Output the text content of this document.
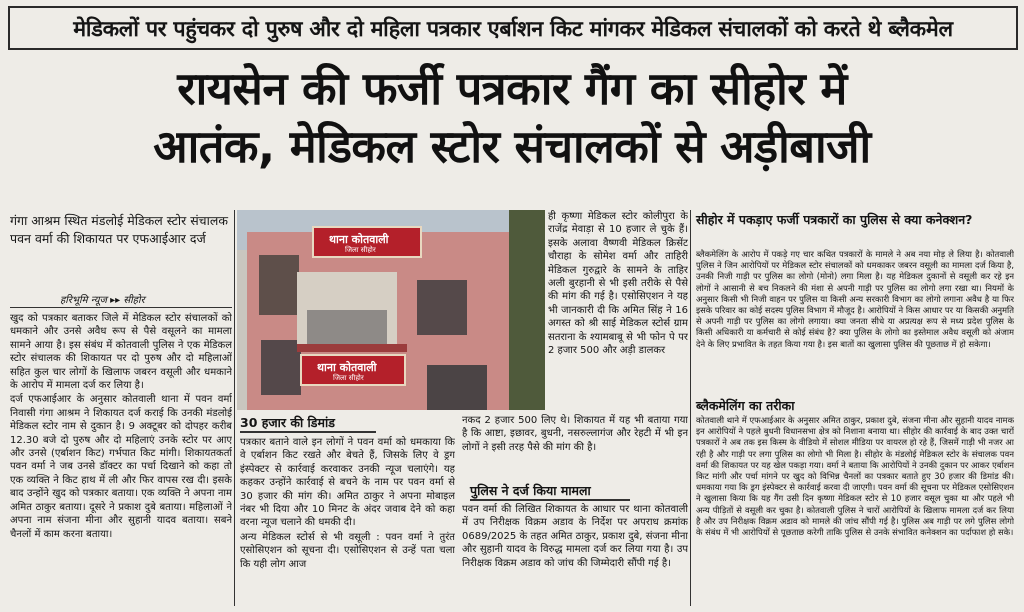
मेडिकलों पर पहुंचकर दो पुरुष और दो महिला पत्रकार एर्बाशन किट मांगकर मेडिकल संचालकों को करते थे ब्लैकमेल
रायसेन की फर्जी पत्रकार गैंग का सीहोर में
आतंक, मेडिकल स्टोर संचालकों से अड़ीबाजी
गंगा आश्रम स्थित मंडलोई मेडिकल स्टोर संचालक पवन वर्मा की शिकायत पर एफआईआर दर्ज
हरिभूमि न्यूज ▸▸ सीहोर

खुद को पत्रकार बताकर जिले में मेडिकल स्टोर संचालकों को धमकाने और उनसे अवैध रूप से पैसे वसूलने का मामला सामने आया है। इस संबंध में कोतवाली पुलिस ने एक मेडिकल स्टोर संचालक की शिकायत पर दो पुरुष और दो महिलाओं सहित कुल चार लोगों के खिलाफ जबरन वसूली और धमकाने के आरोप में मामला दर्ज कर लिया है।

दर्ज एफआईआर के अनुसार कोतवाली थाना में पवन वर्मा निवासी गंगा आश्रम ने शिकायत दर्ज कराई कि उनकी मंडलोई मेडिकल स्टोर नाम से दुकान है। 9 अक्टूबर को दोपहर करीब 12.30 बजे दो पुरुष और दो महिलाएं उनके स्टोर पर आए और उनसे (एर्बाशन किट) गर्भपात किट मांगी। शिकायतकर्ता पवन वर्मा ने जब उनसे डॉक्टर का पर्चा दिखाने को कहा तो एक व्यक्ति ने किट हाथ में ली और फिर वापस रख दी। इसके बाद उन्होंने खुद को पत्रकार बताया। एक व्यक्ति ने अपना नाम अमित ठाकुर बताया। दूसरे ने प्रकाश दुबे बताया। महिलाओं ने अपना नाम संजना मीना और सुहानी यादव बताया। सबने चैनलों में काम करना बताया।

थाना कोतवाली
जिला सीहोर
थाना कोतवाली
जिला सीहोर
30 हजार की डिमांड

पत्रकार बताने वाले इन लोगों ने पवन वर्मा को धमकाया कि वे एर्बाशन किट रखते और बेचते हैं, जिसके लिए वे ड्रग इंस्पेक्टर से कार्रवाई करवाकर उनकी न्यूज चलाएंगे। यह कहकर उन्होंने कार्रवाई से बचने के नाम पर पवन वर्मा से 30 हजार की मांग की। अमित ठाकुर ने अपना मोबाइल नंबर भी दिया और 10 मिनट के अंदर जवाब देने को कहा वरना न्यूज चलाने की धमकी दी।

अन्य मेडिकल स्टोर्स से भी वसूली : पवन वर्मा ने तुरंत एसोसिएशन को सूचना दी। एसोसिएशन से उन्हें पता चला कि यही लोग आज

ही कृष्णा मेडिकल स्टोर कोलीपुरा के राजेंद्र मेवाड़ा से 10 हजार ले चुके हैं। इसके अलावा वैष्णवी मेडिकल क्रिसेंट चौराहा के सोमेश वर्मा और ताहिरी मेडिकल गुरुद्वारे के सामने के ताहिर अली बुरहानी से भी इसी तरीके से पैसे की मांग की गई है। एसोसिएशन ने यह भी जानकारी दी कि अमित सिंह ने 16 अगस्त को श्री साई मेडिकल स्टोर्स ग्राम सतराना के श्यामबाबू से भी फोन पे पर 2 हजार 500 और अड़ी डालकर

नकद 2 हजार 500 लिए थे। शिकायत में यह भी बताया गया है कि आष्टा, इछावर, बुधनी, नसरुल्लागंज और रेहटी में भी इन लोगों ने इसी तरह पैसे की मांग की है।

पुलिस ने दर्ज किया मामला

पवन वर्मा की लिखित शिकायत के आधार पर थाना कोतवाली में उप निरीक्षक विक्रम अडाव के निर्देश पर अपराध क्रमांक 0689/2025 के तहत अमित ठाकुर, प्रकाश दुबे, संजना मीना और सुहानी यादव के विरुद्ध मामला दर्ज कर लिया गया है। उप निरीक्षक विक्रम अडाव को जांच की जिम्मेदारी सौंपी गई है।

सीहोर में पकड़ाए फर्जी पत्रकारों का पुलिस से क्या कनेक्शन?

ब्लैकमेलिंग के आरोप में पकड़े गए चार कथित पत्रकारों के मामले ने अब नया मोड़ ले लिया है। कोतवाली पुलिस ने जिन आरोपियों पर मेडिकल स्टोर संचालकों को धमकाकर जबरन वसूली का मामला दर्ज किया है, उनकी निजी गाड़ी पर पुलिस का लोगो (मोनो) लगा मिला है। यह मेडिकल दुकानों से वसूली कर रहे इन लोगों ने आसानी से बच निकलने की मंशा से अपनी गाड़ी पर पुलिस का लोगो लगा रखा था। नियमों के अनुसार किसी भी निजी वाहन पर पुलिस या किसी अन्य सरकारी विभाग का लोगो लगाना अवैध है या फिर इसके परिवार का कोई सदस्य पुलिस विभाग में मौजूद है। आरोपियों ने किस आधार पर या किसकी अनुमति से अपनी गाड़ी पर पुलिस का लोगो लगाया। क्या जनता सीधे या अप्रत्यक्ष रूप से मध्य प्रदेश पुलिस के किसी अधिकारी या कर्मचारी से कोई संबंध है? क्या पुलिस के लोगो का इस्तेमाल अवैध वसूली को अंजाम देने के लिए प्रभावित के तहत किया गया है। इस बातों का खुलासा पुलिस की पूछताछ में हो सकेगा।

ब्लैकमेलिंग का तरीका

कोतवाली थाने में एफआईआर के अनुसार अमित ठाकुर, प्रकाश दुबे, संजना मीना और सुहानी यादव नामक इन आरोपियों ने पहले बुधनी विधानसभा क्षेत्र को निशाना बनाया था। सीहोर की कार्रवाई के बाद उक्त चारों पत्रकारों ने अब तक इस किस्म के वीडियो में सोशल मीडिया पर वायरल हो रहे हैं, जिसमें गाड़ी भी नजर आ रही है और गाड़ी पर लगा पुलिस का लोगो भी मिला है। सीहोर के मंडलोई मेडिकल स्टोर के संचालक पवन वर्मा की शिकायत पर यह खेल पकड़ा गया। वर्मा ने बताया कि आरोपियों ने उनकी दुकान पर आकर एर्बाशन किट मांगी और पर्चा मांगने पर खुद को विभिन्न चैनलों का पत्रकार बताते हुए 30 हजार की डिमांड की। धमकाया गया कि ड्रग इंस्पेक्टर से कार्रवाई करवा दी जाएगी। पवन वर्मा की सूचना पर मेडिकल एसोसिएशन ने खुलासा किया कि यह गैंग उसी दिन कृष्णा मेडिकल स्टोर से 10 हजार वसूल चुका था और पहले भी अन्य पीड़ितों से वसूली कर चुका है। कोतवाली पुलिस ने चारों आरोपियों के खिलाफ मामला दर्ज कर लिया है और उप निरीक्षक विक्रम अडाव को मामले की जांच सौंपी गई है। पुलिस अब गाड़ी पर लगे पुलिस लोगो के संबंध में भी आरोपियों से पूछताछ करेगी ताकि पुलिस से उनके संभावित कनेक्शन का पर्दाफाश हो सके।
